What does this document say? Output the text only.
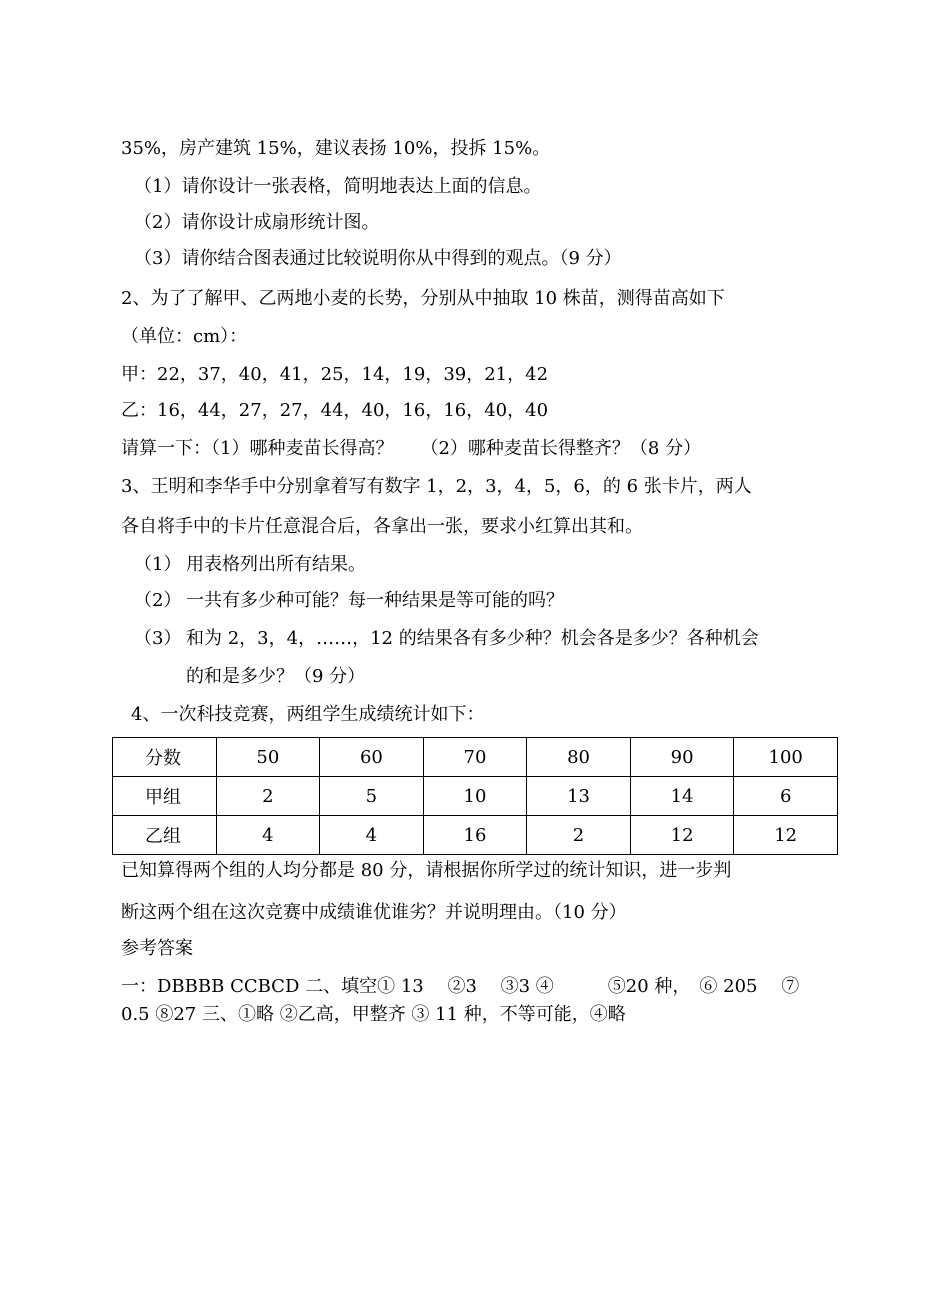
35%，房产建筑 15%，建议表扬 10%，投拆 15%。
（1）请你设计一张表格，简明地表达上面的信息。
（2）请你设计成扇形统计图。
（3）请你结合图表通过比较说明你从中得到的观点。（9 分）
2、为了了解甲、乙两地小麦的长势，分别从中抽取 10 株苗，测得苗高如下
（单位：cm）：
甲：22，37，40，41，25，14，19，39，21，42
乙：16，44，27，27，44，40，16，16，40，40
请算一下：（1）哪种麦苗长得高？　　（2）哪种麦苗长得整齐？（8 分）
3、王明和李华手中分别拿着写有数字 1，2，3，4，5，6，的 6 张卡片，两人
各自将手中的卡片任意混合后，各拿出一张，要求小红算出其和。
（1） 用表格列出所有结果。
（2） 一共有多少种可能？每一种结果是等可能的吗？
（3） 和为 2，3，4，……，12 的结果各有多少种？机会各是多少？各种机会
的和是多少？（9 分）
4、一次科技竞赛，两组学生成绩统计如下：
分数	50	60	70	80	90	100
甲组	2	5	10	13	14	6
乙组	4	4	16	2	12	12
已知算得两个组的人均分都是 80 分，请根据你所学过的统计知识，进一步判
断这两个组在这次竞赛中成绩谁优谁劣？并说明理由。（10 分）
参考答案
一：DBBBB CCBCD 二、填空① 13　 ②3　 ③3 ④　　　⑤20 种，　⑥ 205　 ⑦
0.5 ⑧27 三、①略 ②乙高，甲整齐 ③ 11 种，不等可能，④略
